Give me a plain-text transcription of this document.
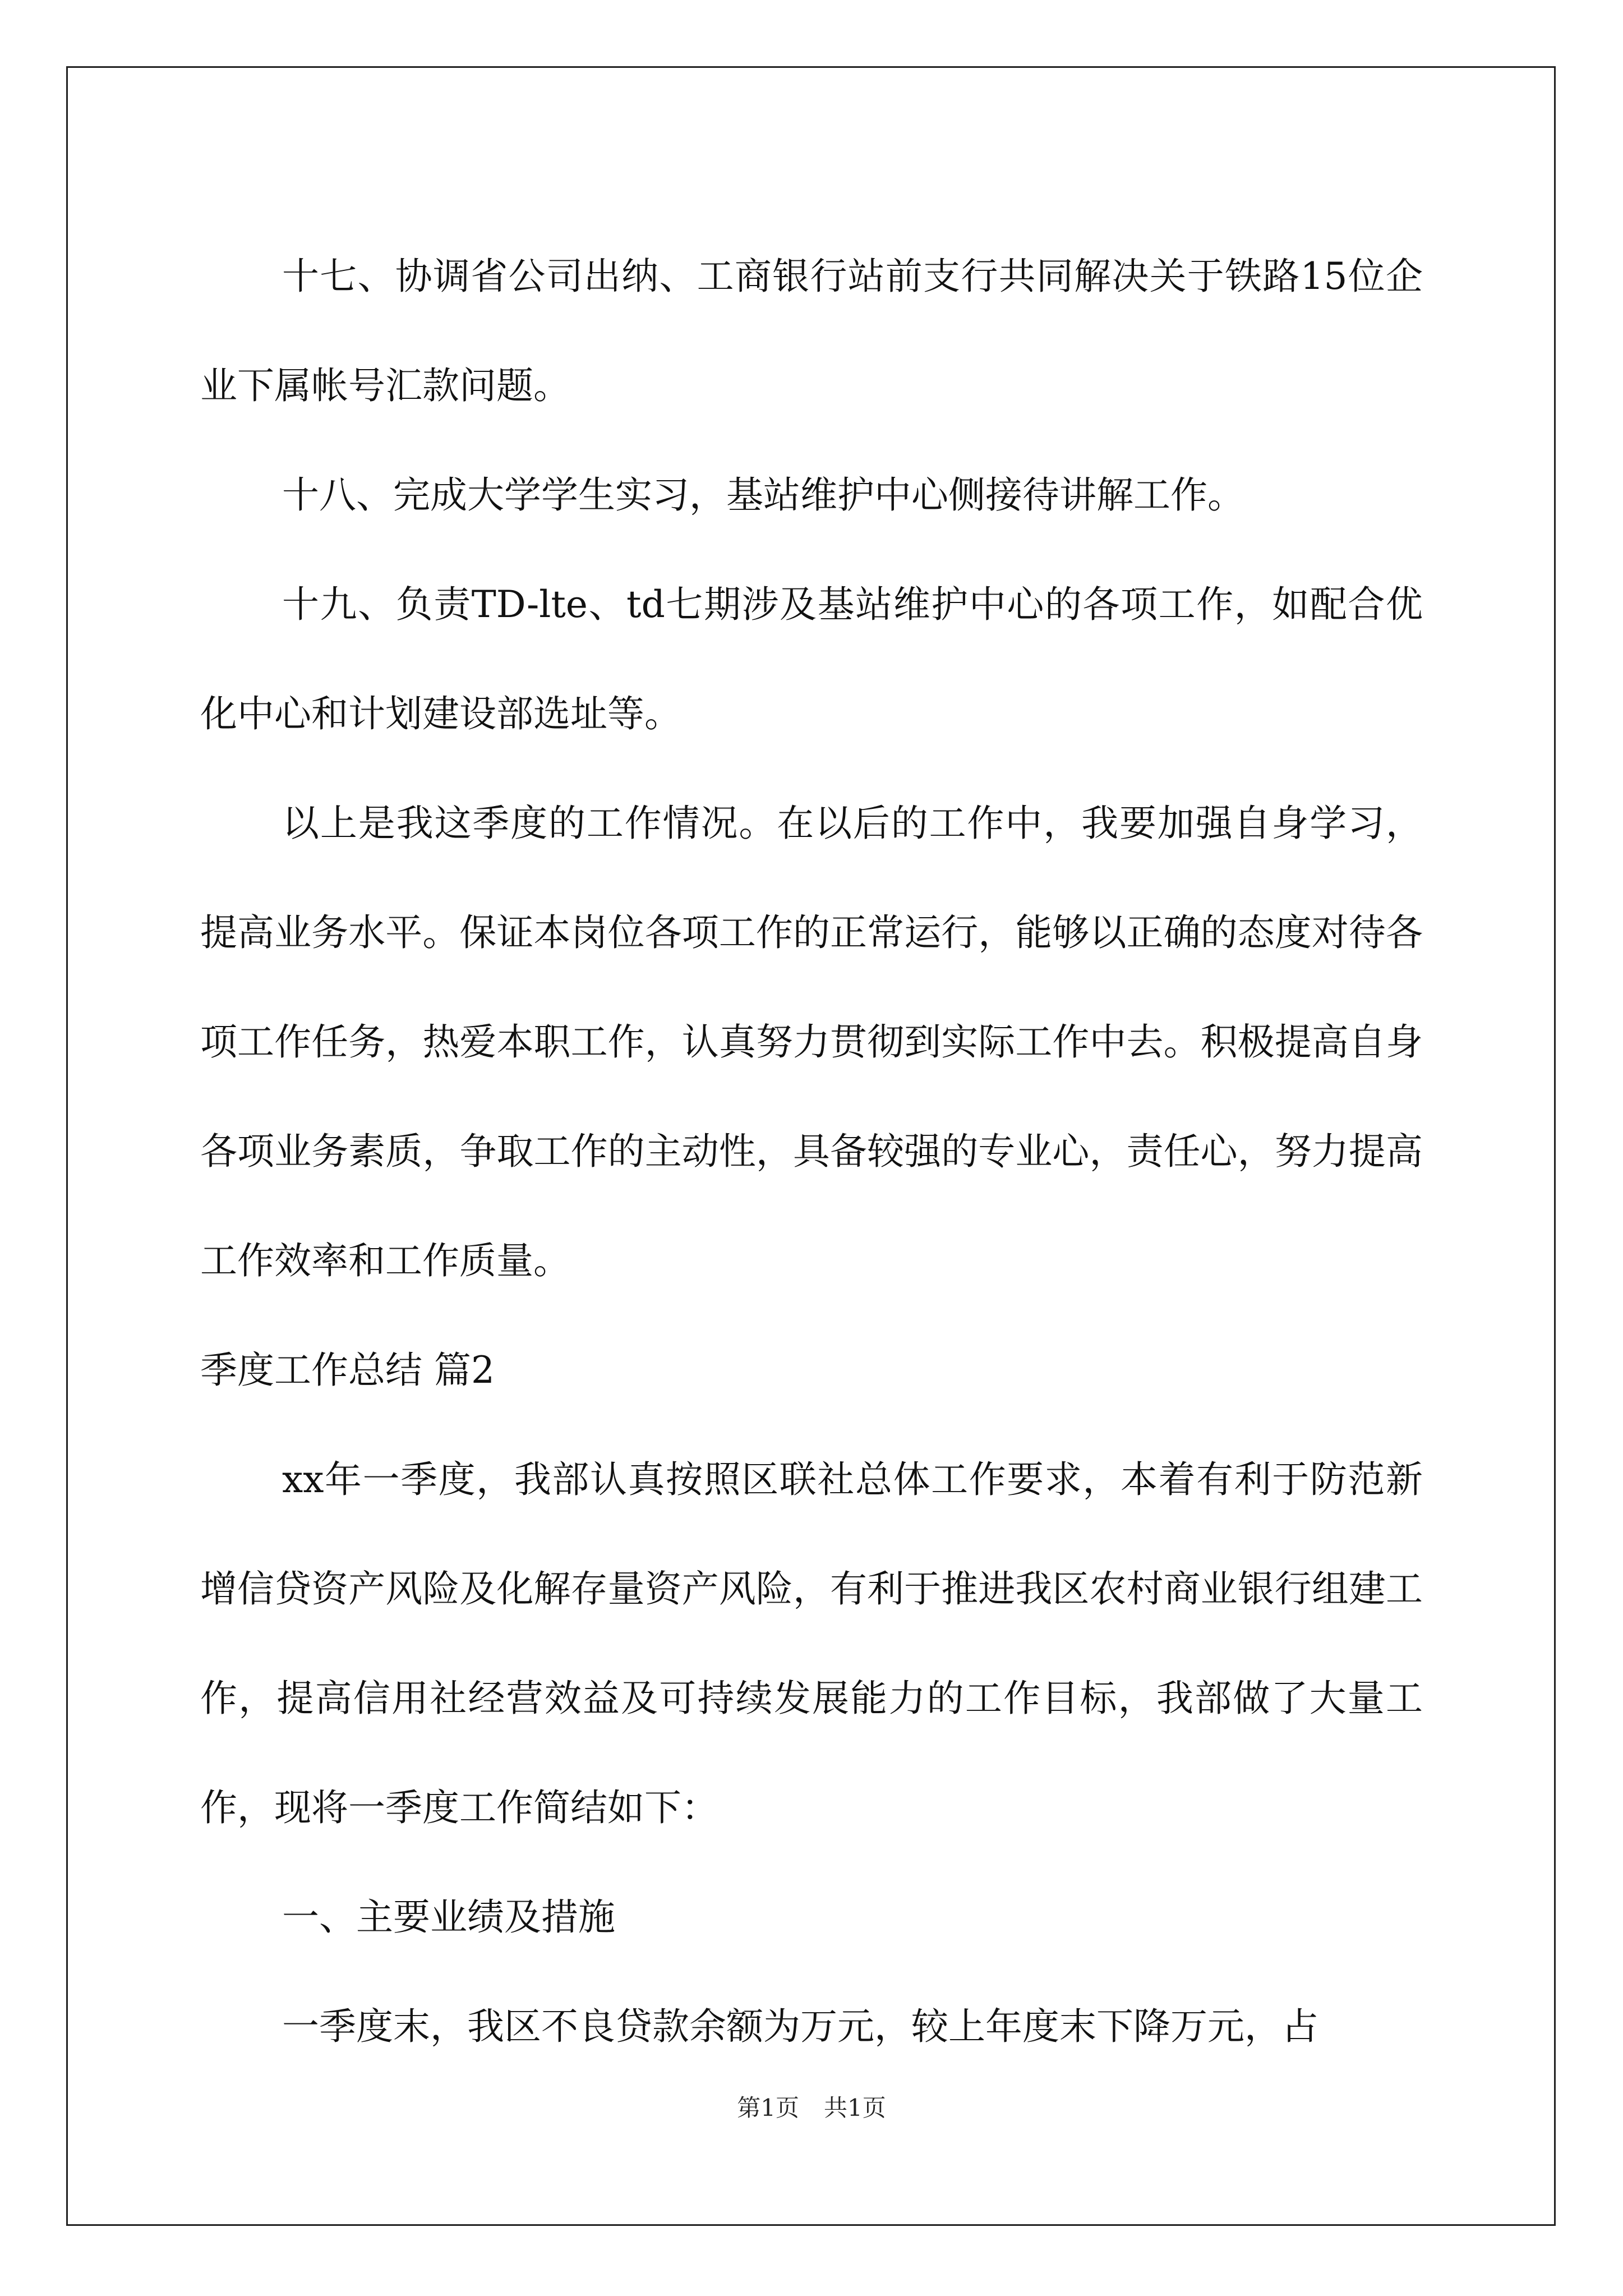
十七、协调省公司出纳、工商银行站前支行共同解决关于铁路15位企业下属帐号汇款问题。

十八、完成大学学生实习，基站维护中心侧接待讲解工作。

十九、负责TD-lte、td七期涉及基站维护中心的各项工作，如配合优化中心和计划建设部选址等。

以上是我这季度的工作情况。在以后的工作中，我要加强自身学习，提高业务水平。保证本岗位各项工作的正常运行，能够以正确的态度对待各项工作任务，热爱本职工作，认真努力贯彻到实际工作中去。积极提高自身各项业务素质，争取工作的主动性，具备较强的专业心，责任心，努力提高工作效率和工作质量。

季度工作总结 篇2

xx年一季度，我部认真按照区联社总体工作要求，本着有利于防范新增信贷资产风险及化解存量资产风险，有利于推进我区农村商业银行组建工作，提高信用社经营效益及可持续发展能力的工作目标，我部做了大量工作，现将一季度工作简结如下：

一、主要业绩及措施

一季度末，我区不良贷款余额为万元，较上年度末下降万元，占

第1页 共1页
